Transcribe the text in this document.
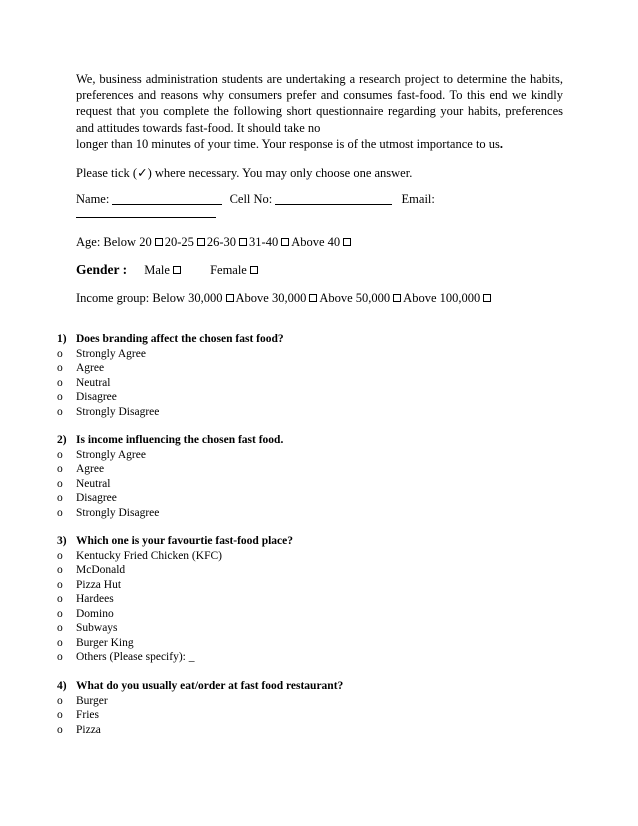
We, business administration students are undertaking a research project to determine the habits, preferences and reasons why consumers prefer and consumes fast-food. To this end we kindly request that you complete the following short questionnaire regarding your habits, preferences and attitudes towards fast-food. It should take no
longer than 10 minutes of your time. Your response is of the utmost importance to us.
Please tick (✓) where necessary. You may only choose one answer.
Name:	Cell No:	Email:
Age: Below 20 20-25 26-30 31-40 Above 40
Gender : Male	Female
Income group: Below 30,000 Above 30,000 Above 50,000 Above 100,000
1) Does branding affect the chosen fast food?
o Strongly Agree
o Agree
o Neutral
o Disagree
o Strongly Disagree
2) Is income influencing the chosen fast food.
o Strongly Agree
o Agree
o Neutral
o Disagree
o Strongly Disagree
3) Which one is your favourtie fast-food place?
o Kentucky Fried Chicken (KFC)
o McDonald
o Pizza Hut
o Hardees
o Domino
o Subways
o Burger King
o Others (Please specify): _
4) What do you usually eat/order at fast food restaurant?
o Burger
o Fries
o Pizza
